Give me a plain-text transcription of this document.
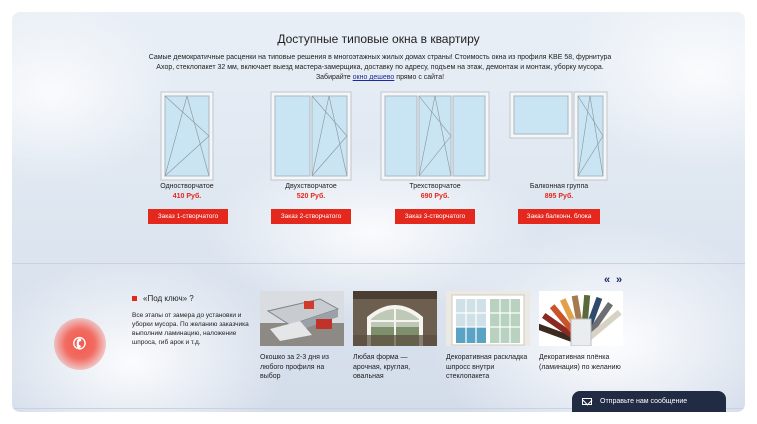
Доступные типовые окна в квартиру
Самые демократичные расценки на типовые решения в многоэтажных жилых домах страны! Стоимость окна из профиля KBE 58, фурнитура
Axор, стеклопакет 32 мм, включает выезд мастера-замерщика, доставку по адресу, подъем на этаж, демонтаж и монтаж, уборку мусора.
Забирайте окно дешево прямо с сайта!
Одностворчатое
410 Руб.
Заказ 1-створчатого
Двухстворчатое
520 Руб.
Заказ 2-створчатого
Трехстворчатое
690 Руб.
Заказ 3-створчатого
Балконная группа
895 Руб.
Заказ балконн. блока
« »
«Под ключ» ?
Все этапы от замера до установки и уборки мусора. По желанию заказчика выполним ламинацию, наложение шпроса, гиб арок и т.д.
Окошко за 2-3 дня из любого профиля на выбор
Любая форма — арочная, круглая, овальная
Декоративная раскладка шпросс внутри стеклопакета
Декоративная плёнка (ламинация) по желанию
✆
Отправьте нам сообщение
